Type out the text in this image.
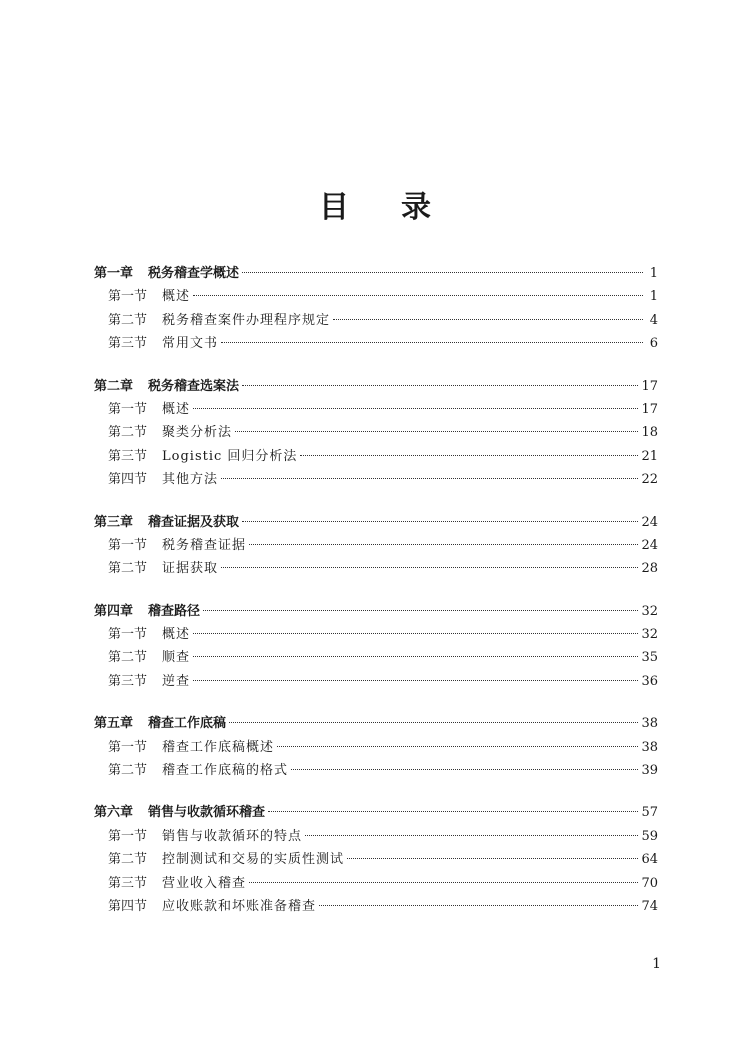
目 录
第一章 税务稽查学概述	1
第一节 概述	1
第二节 税务稽查案件办理程序规定	4
第三节 常用文书	6
第二章 税务稽查选案法	17
第一节 概述	17
第二节 聚类分析法	18
第三节 Logistic 回归分析法	21
第四节 其他方法	22
第三章 稽查证据及获取	24
第一节 税务稽查证据	24
第二节 证据获取	28
第四章 稽查路径	32
第一节 概述	32
第二节 顺查	35
第三节 逆查	36
第五章 稽查工作底稿	38
第一节 稽查工作底稿概述	38
第二节 稽查工作底稿的格式	39
第六章 销售与收款循环稽查	57
第一节 销售与收款循环的特点	59
第二节 控制测试和交易的实质性测试	64
第三节 营业收入稽查	70
第四节 应收账款和坏账准备稽查	74
1
